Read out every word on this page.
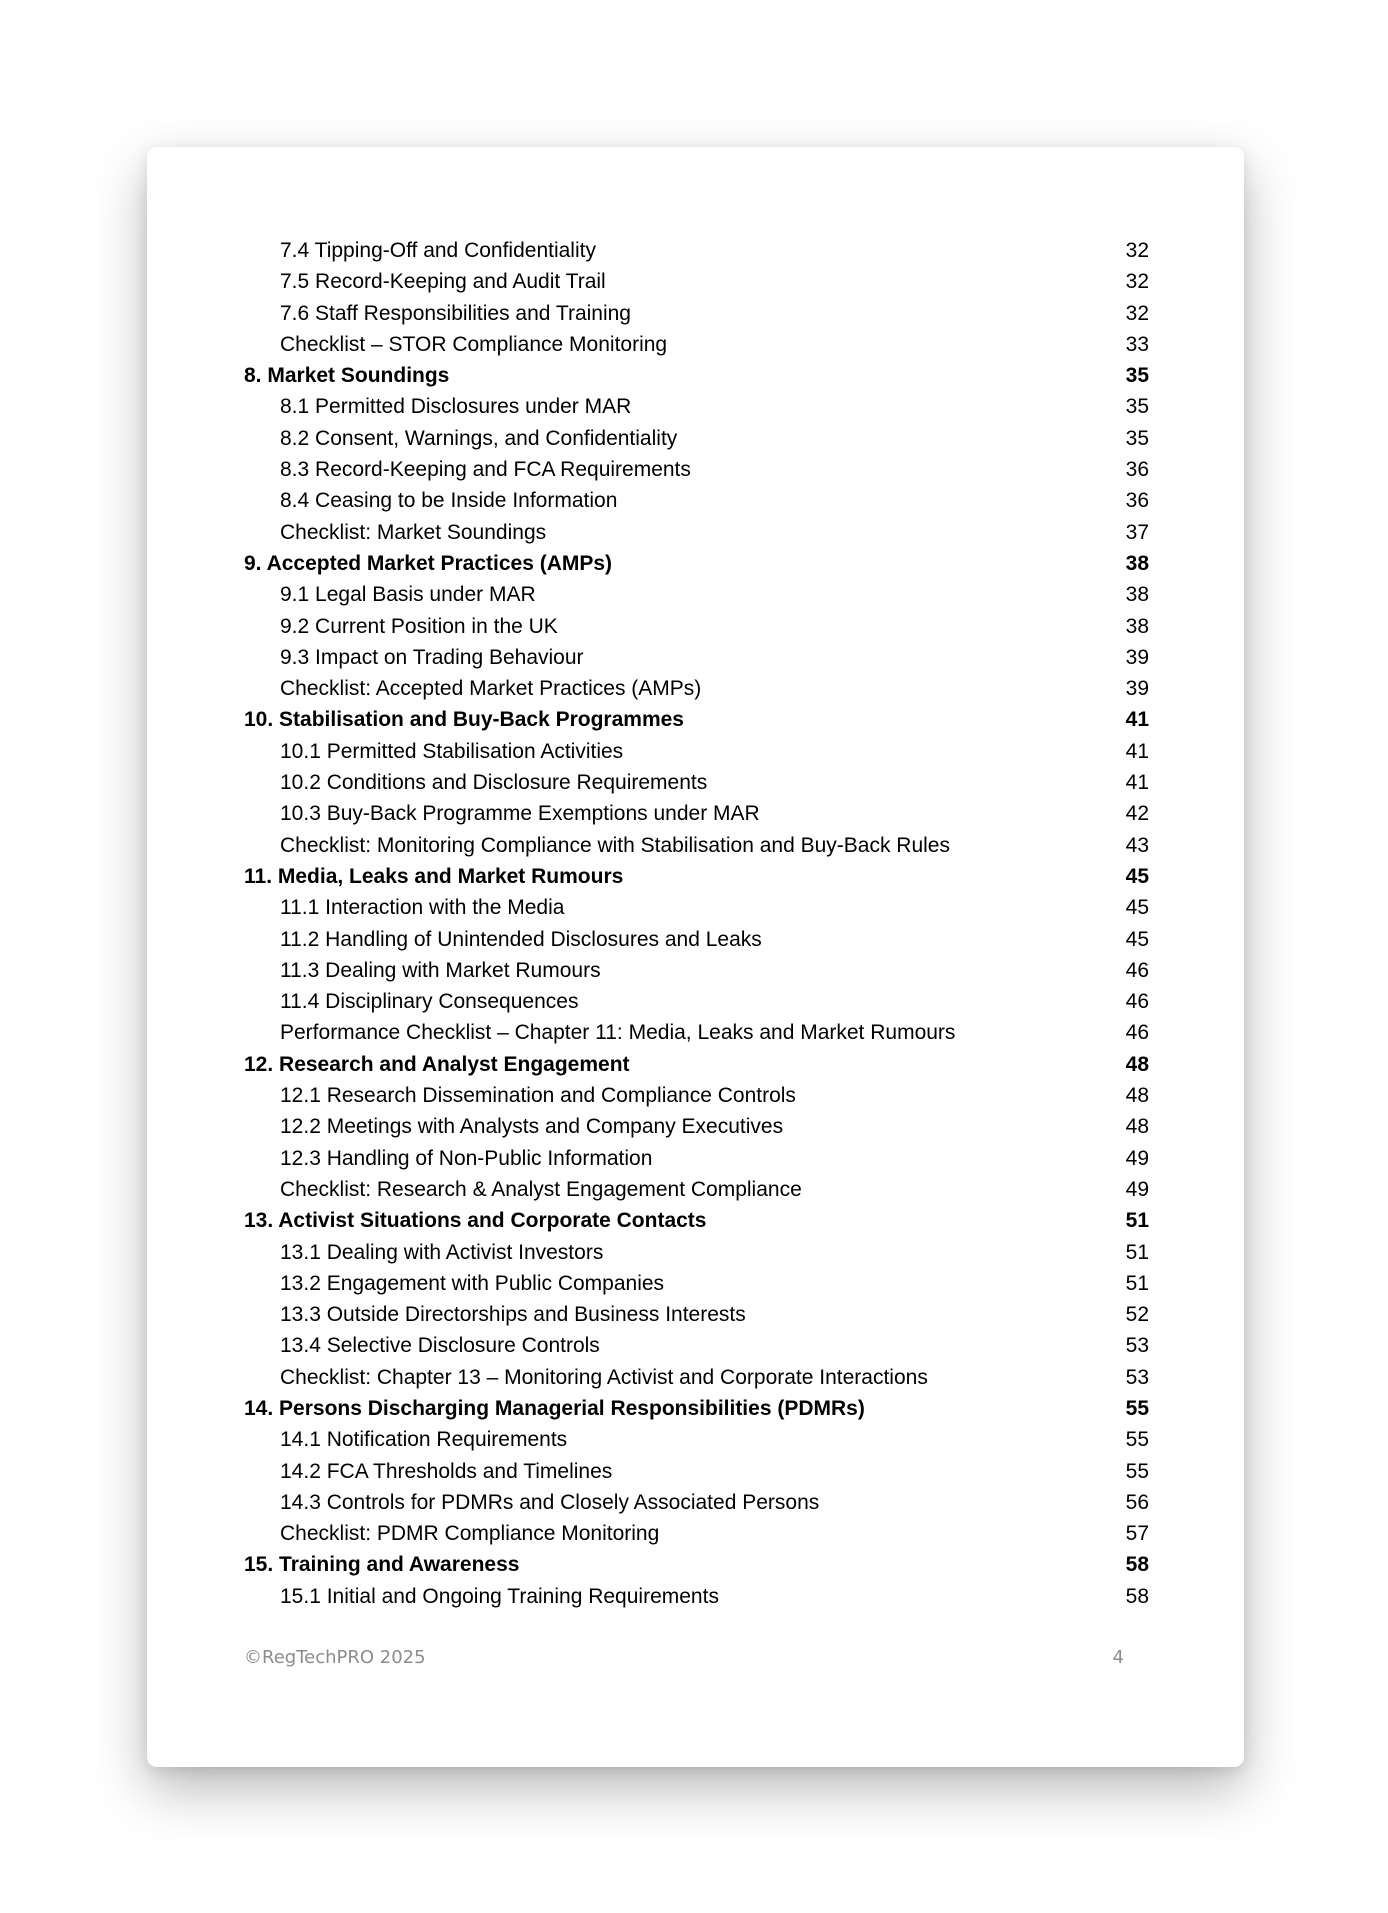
7.4 Tipping-Off and Confidentiality	32
7.5 Record-Keeping and Audit Trail	32
7.6 Staff Responsibilities and Training	32
Checklist – STOR Compliance Monitoring	33
8. Market Soundings	35
8.1 Permitted Disclosures under MAR	35
8.2 Consent, Warnings, and Confidentiality	35
8.3 Record-Keeping and FCA Requirements	36
8.4 Ceasing to be Inside Information	36
Checklist: Market Soundings	37
9. Accepted Market Practices (AMPs)	38
9.1 Legal Basis under MAR	38
9.2 Current Position in the UK	38
9.3 Impact on Trading Behaviour	39
Checklist: Accepted Market Practices (AMPs)	39
10. Stabilisation and Buy-Back Programmes	41
10.1 Permitted Stabilisation Activities	41
10.2 Conditions and Disclosure Requirements	41
10.3 Buy-Back Programme Exemptions under MAR	42
Checklist: Monitoring Compliance with Stabilisation and Buy-Back Rules	43
11. Media, Leaks and Market Rumours	45
11.1 Interaction with the Media	45
11.2 Handling of Unintended Disclosures and Leaks	45
11.3 Dealing with Market Rumours	46
11.4 Disciplinary Consequences	46
Performance Checklist – Chapter 11: Media, Leaks and Market Rumours	46
12. Research and Analyst Engagement	48
12.1 Research Dissemination and Compliance Controls	48
12.2 Meetings with Analysts and Company Executives	48
12.3 Handling of Non-Public Information	49
Checklist: Research & Analyst Engagement Compliance	49
13. Activist Situations and Corporate Contacts	51
13.1 Dealing with Activist Investors	51
13.2 Engagement with Public Companies	51
13.3 Outside Directorships and Business Interests	52
13.4 Selective Disclosure Controls	53
Checklist: Chapter 13 – Monitoring Activist and Corporate Interactions	53
14. Persons Discharging Managerial Responsibilities (PDMRs)	55
14.1 Notification Requirements	55
14.2 FCA Thresholds and Timelines	55
14.3 Controls for PDMRs and Closely Associated Persons	56
Checklist: PDMR Compliance Monitoring	57
15. Training and Awareness	58
15.1 Initial and Ongoing Training Requirements	58
©RegTechPRO 2025	4
